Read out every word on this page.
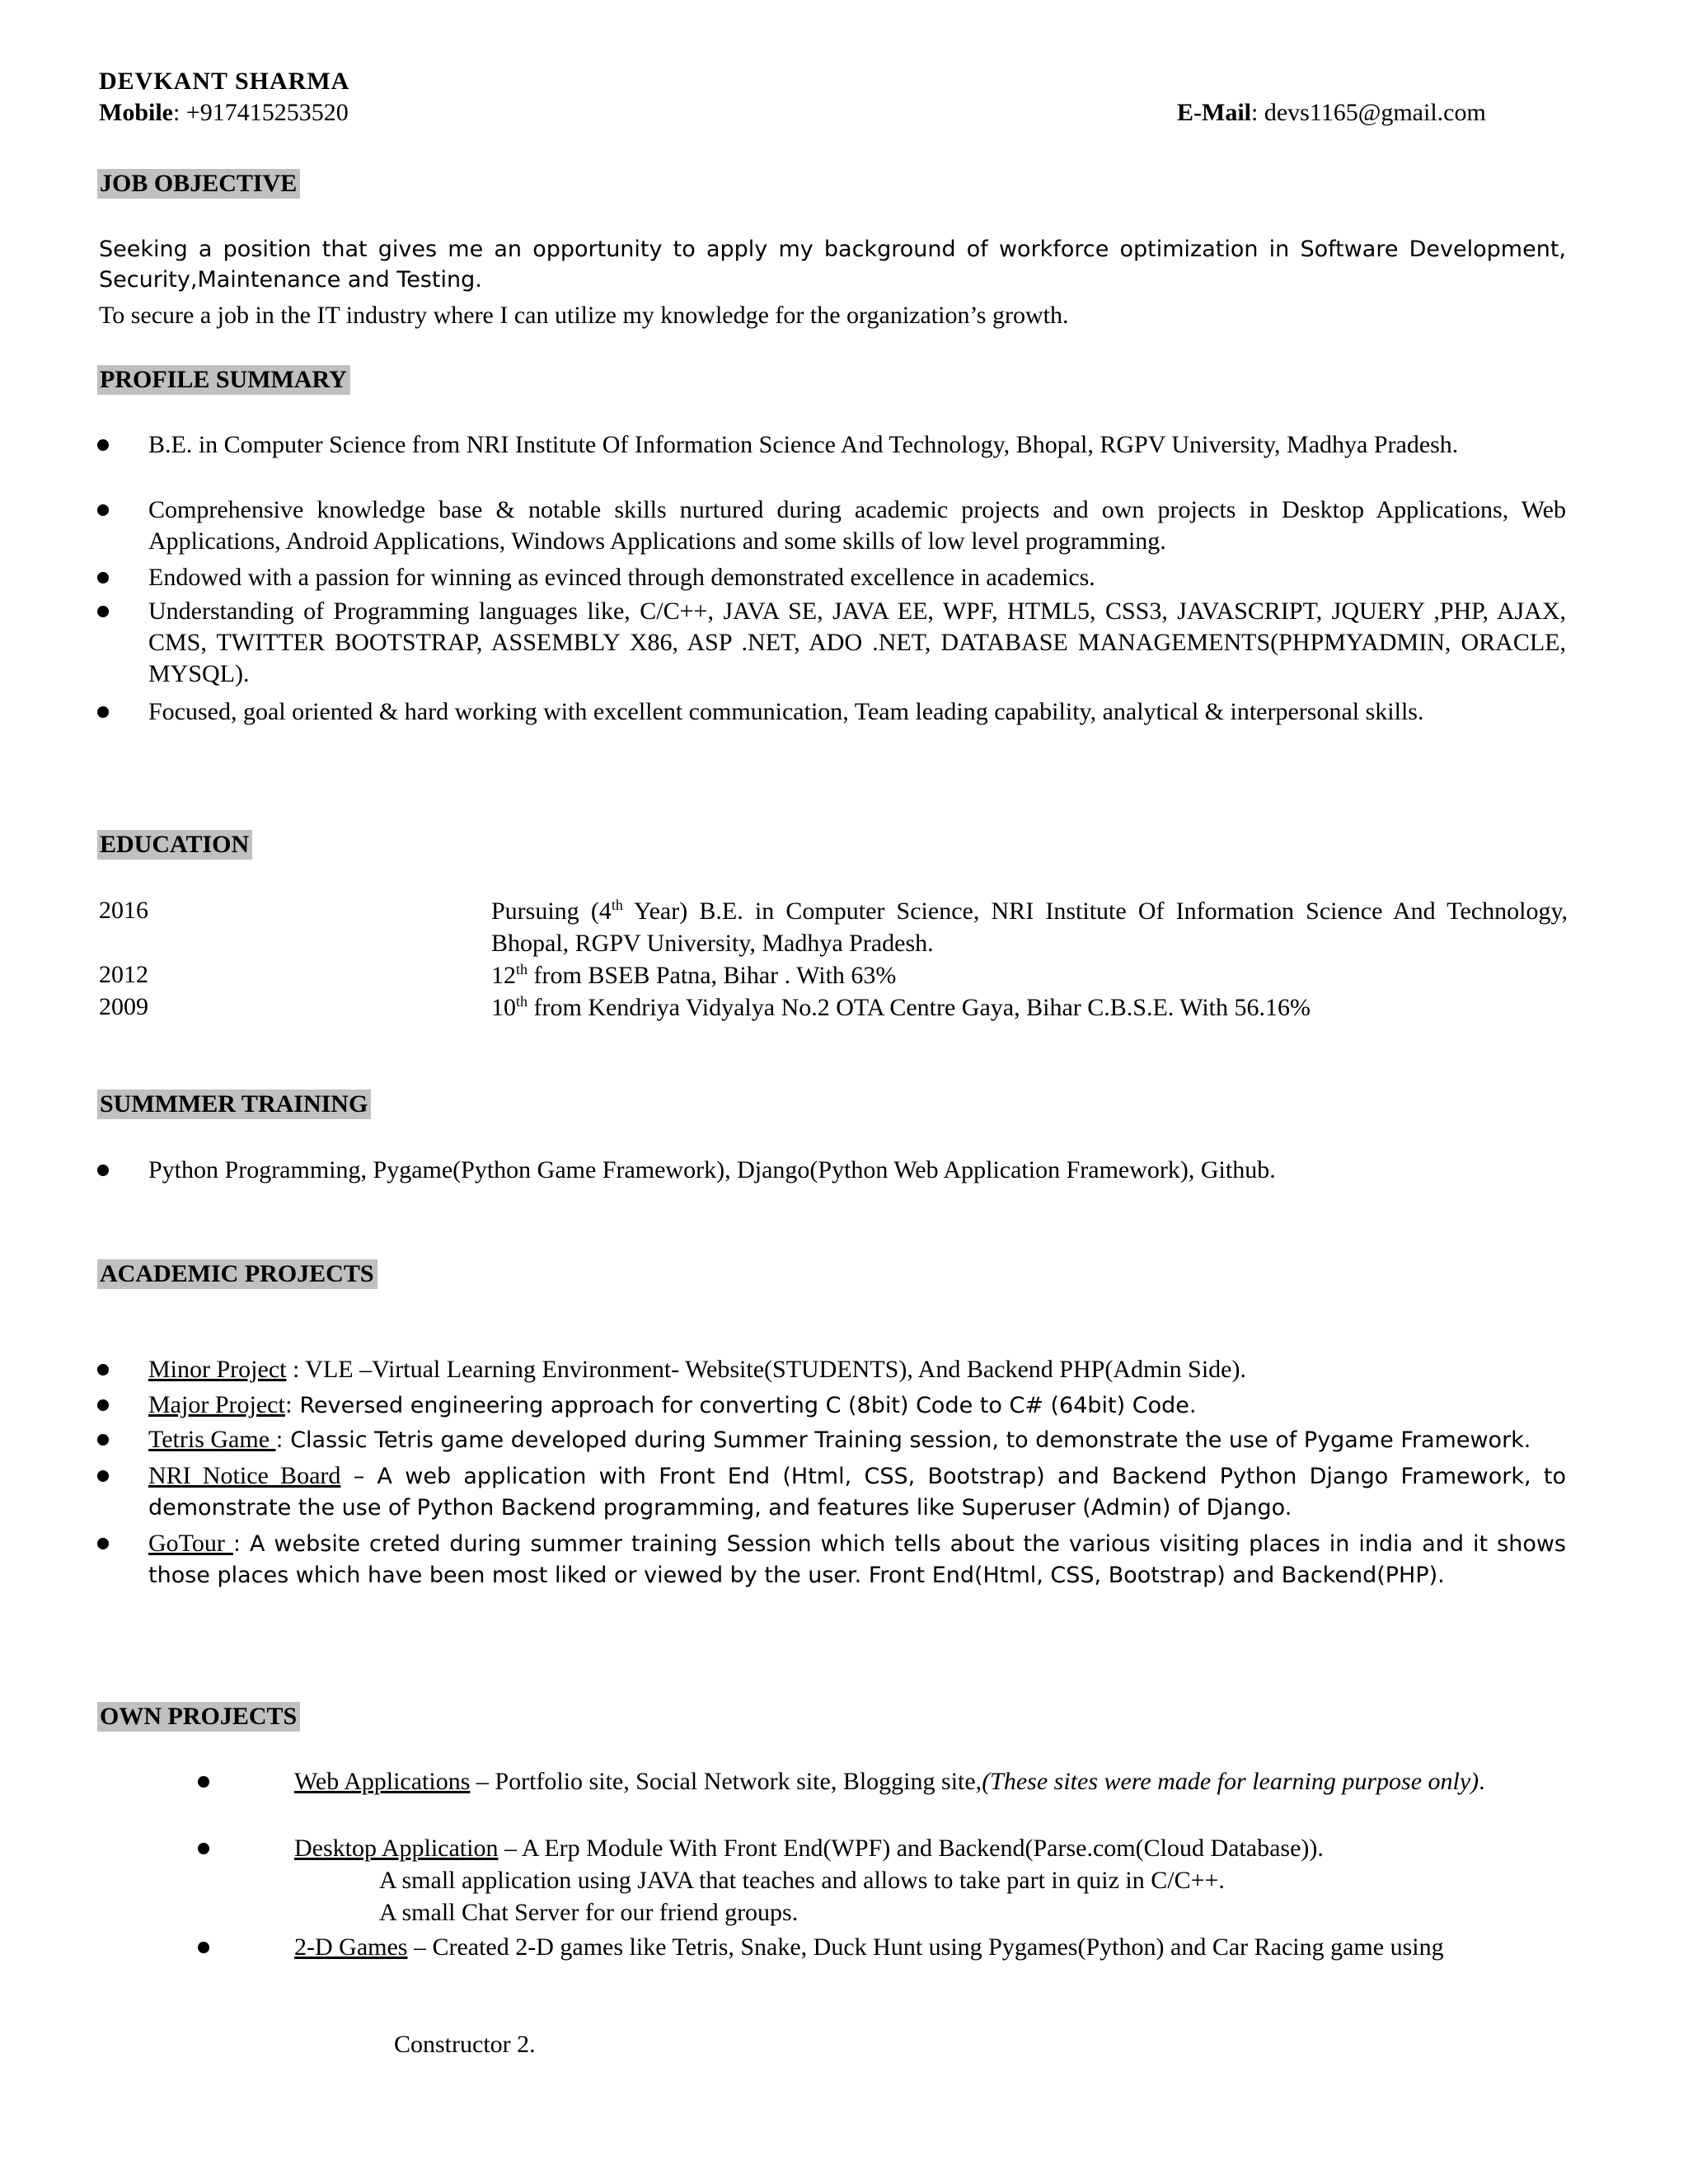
DEVKANT SHARMA
Mobile: +917415253520	E-Mail: devs1165@gmail.com
JOB OBJECTIVE
Seeking a position that gives me an opportunity to apply my background of workforce optimization in Software Development, Security,Maintenance and Testing.
To secure a job in the IT industry where I can utilize my knowledge for the organization’s growth.
PROFILE SUMMARY
B.E. in Computer Science from NRI Institute Of Information Science And Technology, Bhopal, RGPV University, Madhya Pradesh.
Comprehensive knowledge base & notable skills nurtured during academic projects and own projects in Desktop Applications, Web Applications, Android Applications, Windows Applications and some skills of low level programming.
Endowed with a passion for winning as evinced through demonstrated excellence in academics.
Understanding of Programming languages like, C/C++, JAVA SE, JAVA EE, WPF, HTML5, CSS3, JAVASCRIPT, JQUERY ,PHP, AJAX, CMS, TWITTER BOOTSTRAP, ASSEMBLY X86, ASP .NET, ADO .NET, DATABASE MANAGEMENTS(PHPMYADMIN, ORACLE, MYSQL).
Focused, goal oriented & hard working with excellent communication, Team leading capability, analytical & interpersonal skills.
EDUCATION
2016	Pursuing (4th Year) B.E. in Computer Science, NRI Institute Of Information Science And Technology, Bhopal, RGPV University, Madhya Pradesh.
2012	12th from BSEB Patna, Bihar . With 63%
2009	10th from Kendriya Vidyalya No.2 OTA Centre Gaya, Bihar C.B.S.E. With 56.16%
SUMMMER TRAINING
Python Programming, Pygame(Python Game Framework), Django(Python Web Application Framework), Github.
ACADEMIC PROJECTS
Minor Project : VLE –Virtual Learning Environment- Website(STUDENTS), And Backend PHP(Admin Side).
Major Project: Reversed engineering approach for converting C (8bit) Code to C# (64bit) Code.
Tetris Game : Classic Tetris game developed during Summer Training session, to demonstrate the use of Pygame Framework.
NRI Notice Board – A web application with Front End (Html, CSS, Bootstrap) and Backend Python Django Framework, to demonstrate the use of Python Backend programming, and features like Superuser (Admin) of Django.
GoTour : A website creted during summer training Session which tells about the various visiting places in india and it shows those places which have been most liked or viewed by the user. Front End(Html, CSS, Bootstrap) and Backend(PHP).
OWN PROJECTS
Web Applications – Portfolio site, Social Network site, Blogging site,(These sites were made for learning purpose only).
Desktop Application – A Erp Module With Front End(WPF) and Backend(Parse.com(Cloud Database)).
A small application using JAVA that teaches and allows to take part in quiz in C/C++.
A small Chat Server for our friend groups.
2-D Games – Created 2-D games like Tetris, Snake, Duck Hunt using Pygames(Python) and Car Racing game using
Constructor 2.
